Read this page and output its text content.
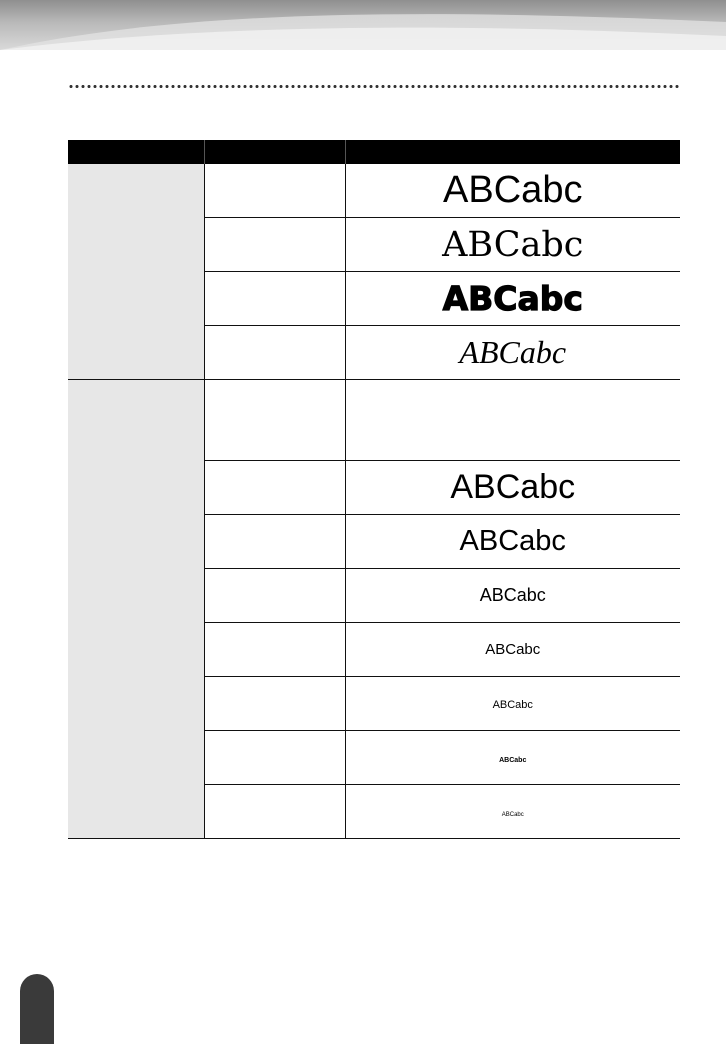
		ABCabc
		ABCabc
		ABCabc
		ABCabc

		ABCabc
		ABCabc
		ABCabc
		ABCabc
		ABCabc
		ABCabc
		ABCabc
